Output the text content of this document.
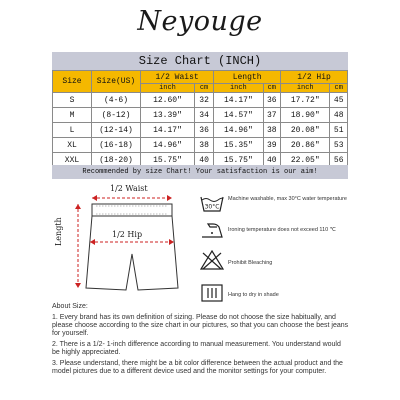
Neyouge
Size Chart (INCH)
Size	Size(US)	1/2 Waist		Length		1/2 Hip	
		inch	cm	inch	cm	inch	cm
S	(4-6)	12.60"	32	14.17"	36	17.72"	45
M	(8-12)	13.39"	34	14.57"	37	18.90"	48
L	(12-14)	14.17"	36	14.96"	38	20.08"	51
XL	(16-18)	14.96"	38	15.35"	39	20.86"	53
XXL	(18-20)	15.75"	40	15.75"	40	22.05"	56
Recommended by size Chart! Your satisfaction is our aim!
1/2 Waist
1/2 Hip
Length
30°C
Machine washable, max 30°C water temperature
Ironing temperature does not exceed 110 ℃
Prohibit Bleaching
Hang to dry in shade

About Size:

1. Every brand has its own definition of sizing. Please do not choose the size habitually, and please choose according to the size chart in our pictures, so that you can choose the best jeans for yourself.

2. There is a 1/2- 1-inch difference according to manual measurement. You understand would be highly appreciated.

3. Please understand, there might be a bit color difference between the actual product and the model pictures due to a different device used and the monitor settings for your computer.
